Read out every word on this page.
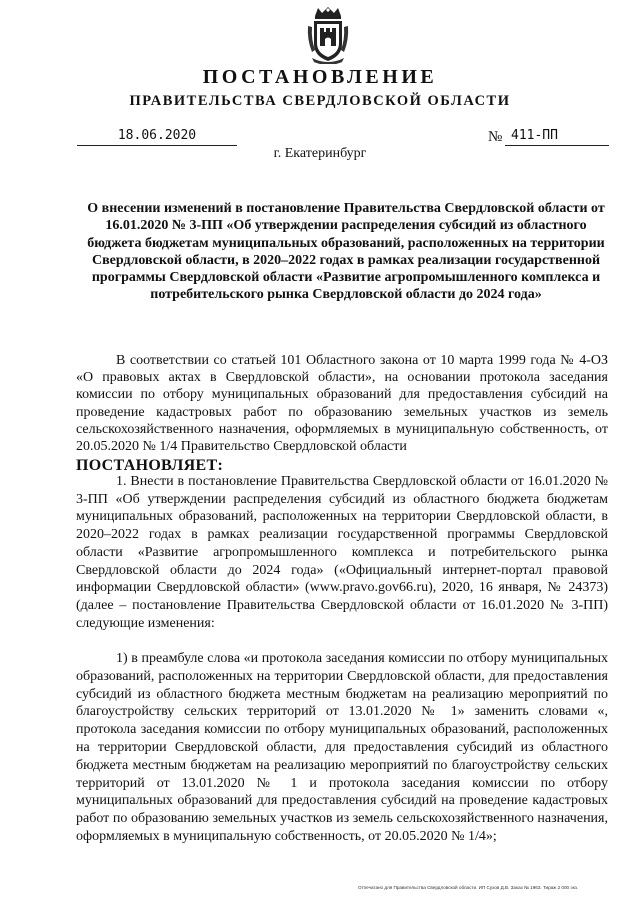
ПОСТАНОВЛЕНИЕ
ПРАВИТЕЛЬСТВА СВЕРДЛОВСКОЙ ОБЛАСТИ
18.06.2020	№ 411-ПП
г. Екатеринбург

О внесении изменений в постановление Правительства Свердловской области от 16.01.2020 № 3-ПП «Об утверждении распределения субсидий из областного бюджета бюджетам муниципальных образований, расположенных на территории Свердловской области, в 2020–2022 годах в рамках реализации государственной программы Свердловской области «Развитие агропромышленного комплекса и потребительского рынка Свердловской области до 2024 года»

В соответствии со статьей 101 Областного закона от 10 марта 1999 года № 4-ОЗ «О правовых актах в Свердловской области», на основании протокола заседания комиссии по отбору муниципальных образований для предоставления субсидий на проведение кадастровых работ по образованию земельных участков из земель сельскохозяйственного назначения, оформляемых в муниципальную собственность, от 20.05.2020 № 1/4 Правительство Свердловской области

ПОСТАНОВЛЯЕТ:

1. Внести в постановление Правительства Свердловской области от 16.01.2020 № 3-ПП «Об утверждении распределения субсидий из областного бюджета бюджетам муниципальных образований, расположенных на территории Свердловской области, в 2020–2022 годах в рамках реализации государственной программы Свердловской области «Развитие агропромышленного комплекса и потребительского рынка Свердловской области до 2024 года» («Официальный интернет-портал правовой информации Свердловской области» (www.pravo.gov66.ru), 2020, 16 января, № 24373) (далее – постановление Правительства Свердловской области от 16.01.2020 № 3-ПП) следующие изменения:

1) в преамбуле слова «и протокола заседания комиссии по отбору муниципальных образований, расположенных на территории Свердловской области, для предоставления субсидий из областного бюджета местным бюджетам на реализацию мероприятий по благоустройству сельских территорий от 13.01.2020 № 1» заменить словами «, протокола заседания комиссии по отбору муниципальных образований, расположенных на территории Свердловской области, для предоставления субсидий из областного бюджета местным бюджетам на реализацию мероприятий по благоустройству сельских территорий от 13.01.2020 № 1 и протокола заседания комиссии по отбору муниципальных образований для предоставления субсидий на проведение кадастровых работ по образованию земельных участков из земель сельскохозяйственного назначения, оформляемых в муниципальную собственность, от 20.05.2020 № 1/4»;

Отпечатано для Правительства Свердловской области. ИП Сухов Д.В. Заказ № 1963. Тираж 2 000 экз.
